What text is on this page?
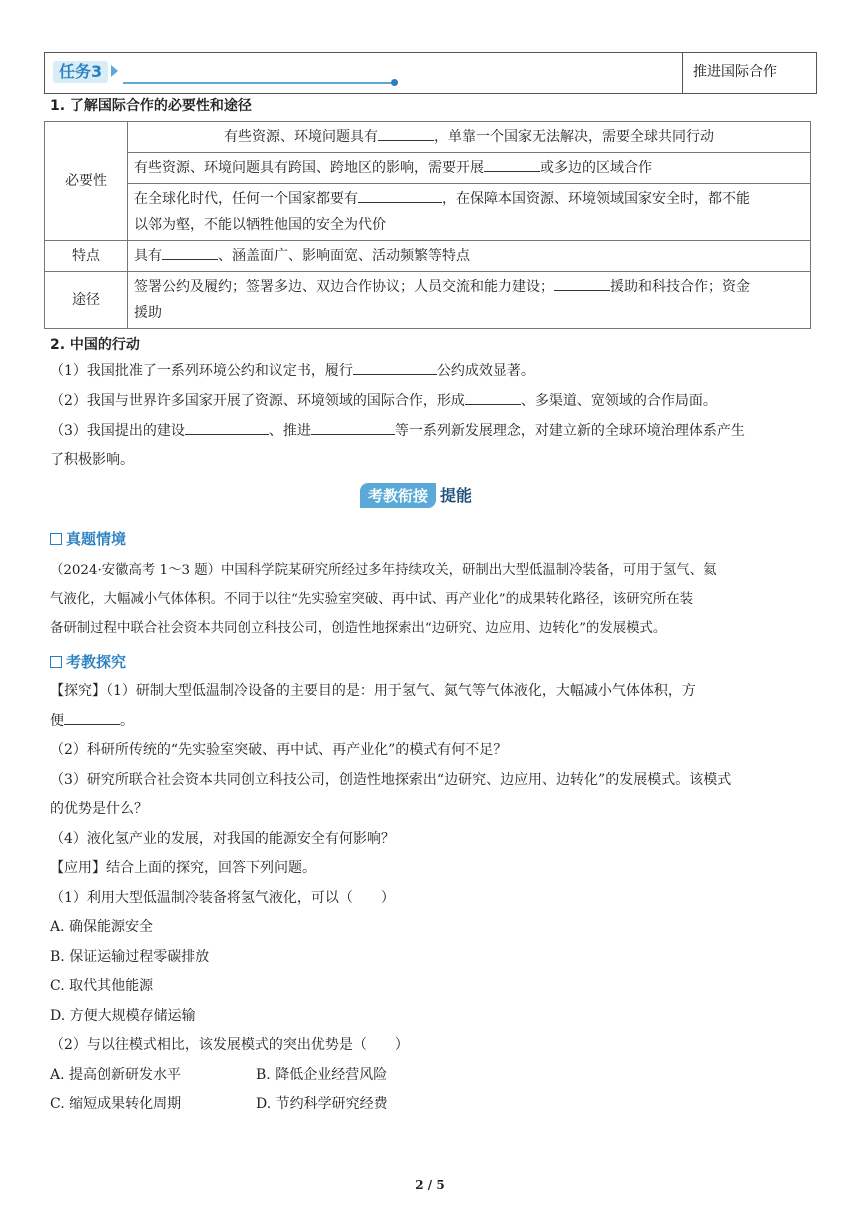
任务3	推进国际合作
1. 了解国际合作的必要性和途径
必要性	有些资源、环境问题具有 ，单靠一个国家无法解决，需要全球共同行动
	有些资源、环境问题具有跨国、跨地区的影响，需要开展 或多边的区域合作
	在全球化时代，任何一个国家都要有 ，在保障本国资源、环境领域国家安全时，都不能
以邻为壑，不能以牺牲他国的安全为代价
特点	具有 、涵盖面广、影响面宽、活动频繁等特点
途径	签署公约及履约；签署多边、双边合作协议；人员交流和能力建设； 援助和科技合作；资金
援助
2. 中国的行动
（1）我国批准了一系列环境公约和议定书，履行	公约成效显著。
（2）我国与世界许多国家开展了资源、环境领域的国际合作，形成	、多渠道、宽领域的合作局面。
（3）我国提出的建设	、推进	等一系列新发展理念，对建立新的全球环境治理体系产生
了积极影响。
考教衔接 提能
真题情境
（2024·安徽高考 1～3 题）中国科学院某研究所经过多年持续攻关，研制出大型低温制冷装备，可用于氢气、氦
气液化，大幅减小气体体积。不同于以往“先实验室突破、再中试、再产业化”的成果转化路径，该研究所在装
备研制过程中联合社会资本共同创立科技公司，创造性地探索出“边研究、边应用、边转化”的发展模式。
考教探究
【探究】（1）研制大型低温制冷设备的主要目的是：用于氢气、氮气等气体液化，大幅减小气体体积，方
便	。
（2）科研所传统的“先实验室突破、再中试、再产业化”的模式有何不足？
（3）研究所联合社会资本共同创立科技公司，创造性地探索出“边研究、边应用、边转化”的发展模式。该模式
的优势是什么？
（4）液化氢产业的发展，对我国的能源安全有何影响？
【应用】结合上面的探究，回答下列问题。
（1）利用大型低温制冷装备将氢气液化，可以（　　）
A. 确保能源安全
B. 保证运输过程零碳排放
C. 取代其他能源
D. 方便大规模存储运输
（2）与以往模式相比，该发展模式的突出优势是（　　）
A. 提高创新研发水平	B. 降低企业经营风险
C. 缩短成果转化周期	D. 节约科学研究经费
2 / 5
